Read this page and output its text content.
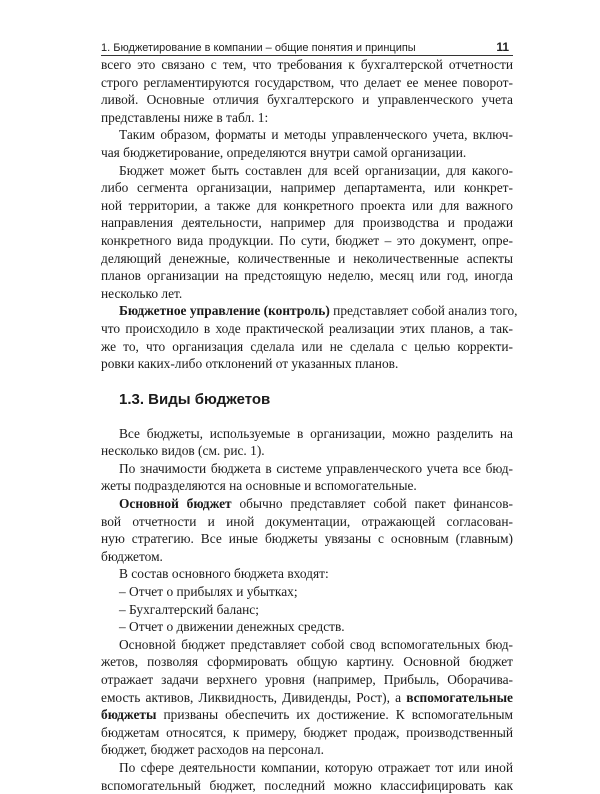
1. Бюджетирование в компании – общие понятия и принципы	11
всего это связано с тем, что требования к бухгалтерской отчетности
строго регламентируются государством, что делает ее менее поворот-
ливой. Основные отличия бухгалтерского и управленческого учета
представлены ниже в табл. 1:
Таким образом, форматы и методы управленческого учета, включ-
чая бюджетирование, определяются внутри самой организации.
Бюджет может быть составлен для всей организации, для какого-
либо сегмента организации, например департамента, или конкрет-
ной территории, а также для конкретного проекта или для важного
направления деятельности, например для производства и продажи
конкретного вида продукции. По сути, бюджет – это документ, опре-
деляющий денежные, количественные и неколичественные аспекты
планов организации на предстоящую неделю, месяц или год, иногда
несколько лет.
Бюджетное управление (контроль) представляет собой анализ того,
что происходило в ходе практической реализации этих планов, а так-
же то, что организация сделала или не сделала с целью корректи-
ровки каких-либо отклонений от указанных планов.
1.3. Виды бюджетов
Все бюджеты, используемые в организации, можно разделить на
несколько видов (см. рис. 1).
По значимости бюджета в системе управленческого учета все бюд-
жеты подразделяются на основные и вспомогательные.
Основной бюджет обычно представляет собой пакет финансов-
вой отчетности и иной документации, отражающей согласован-
ную стратегию. Все иные бюджеты увязаны с основным (главным)
бюджетом.
В состав основного бюджета входят:
– Отчет о прибылях и убытках;
– Бухгалтерский баланс;
– Отчет о движении денежных средств.
Основной бюджет представляет собой свод вспомогательных бюд-
жетов, позволяя сформировать общую картину. Основной бюджет
отражает задачи верхнего уровня (например, Прибыль, Оборачива-
емость активов, Ликвидность, Дивиденды, Рост), а вспомогательные
бюджеты призваны обеспечить их достижение. К вспомогательным
бюджетам относятся, к примеру, бюджет продаж, производственный
бюджет, бюджет расходов на персонал.
По сфере деятельности компании, которую отражает тот или иной
вспомогательный бюджет, последний можно классифицировать как
